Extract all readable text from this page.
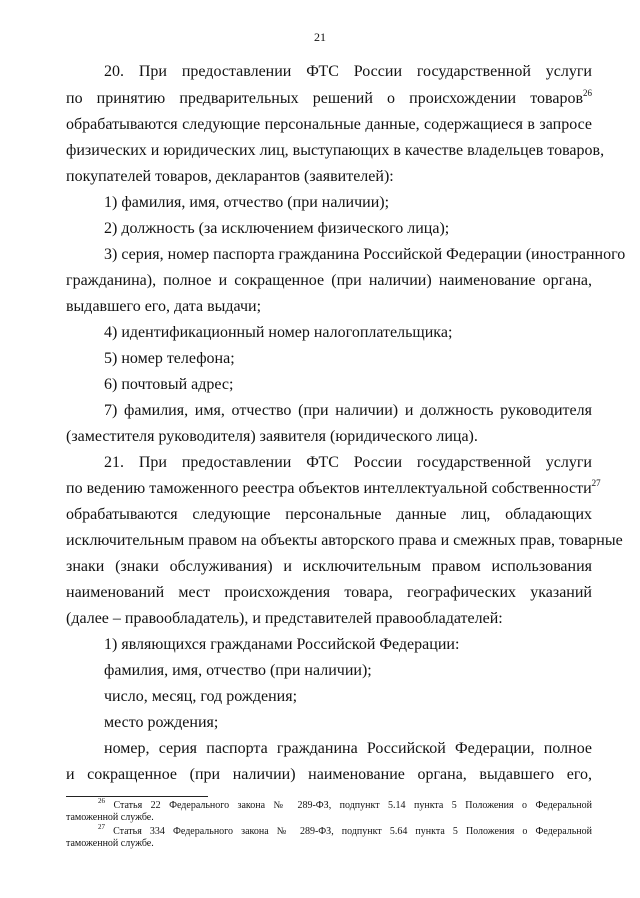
21
20. При предоставлении ФТС России государственной услуги
по принятию предварительных решений о происхождении товаров$^{26}$
обрабатываются следующие персональные данные, содержащиеся в запросе
физических и юридических лиц, выступающих в качестве владельцев товаров,
покупателей товаров, декларантов (заявителей):
1) фамилия, имя, отчество (при наличии);
2) должность (за исключением физического лица);
3) серия, номер паспорта гражданина Российской Федерации (иностранного
гражданина), полное и сокращенное (при наличии) наименование органа,
выдавшего его, дата выдачи;
4) идентификационный номер налогоплательщика;
5) номер телефона;
6) почтовый адрес;
7) фамилия, имя, отчество (при наличии) и должность руководителя
(заместителя руководителя) заявителя (юридического лица).
21. При предоставлении ФТС России государственной услуги
по ведению таможенного реестра объектов интеллектуальной собственности$^{27}$
обрабатываются следующие персональные данные лиц, обладающих
исключительным правом на объекты авторского права и смежных прав, товарные
знаки (знаки обслуживания) и исключительным правом использования
наименований мест происхождения товара, географических указаний
(далее – правообладатель), и представителей правообладателей:
1) являющихся гражданами Российской Федерации:
фамилия, имя, отчество (при наличии);
число, месяц, год рождения;
место рождения;
номер, серия паспорта гражданина Российской Федерации, полное
и сокращенное (при наличии) наименование органа, выдавшего его,
$^{26}$ Статья 22 Федерального закона № 289-ФЗ, подпункт 5.14 пункта 5 Положения о Федеральной
таможенной службе.
$^{27}$ Статья 334 Федерального закона № 289-ФЗ, подпункт 5.64 пункта 5 Положения о Федеральной
таможенной службе.
